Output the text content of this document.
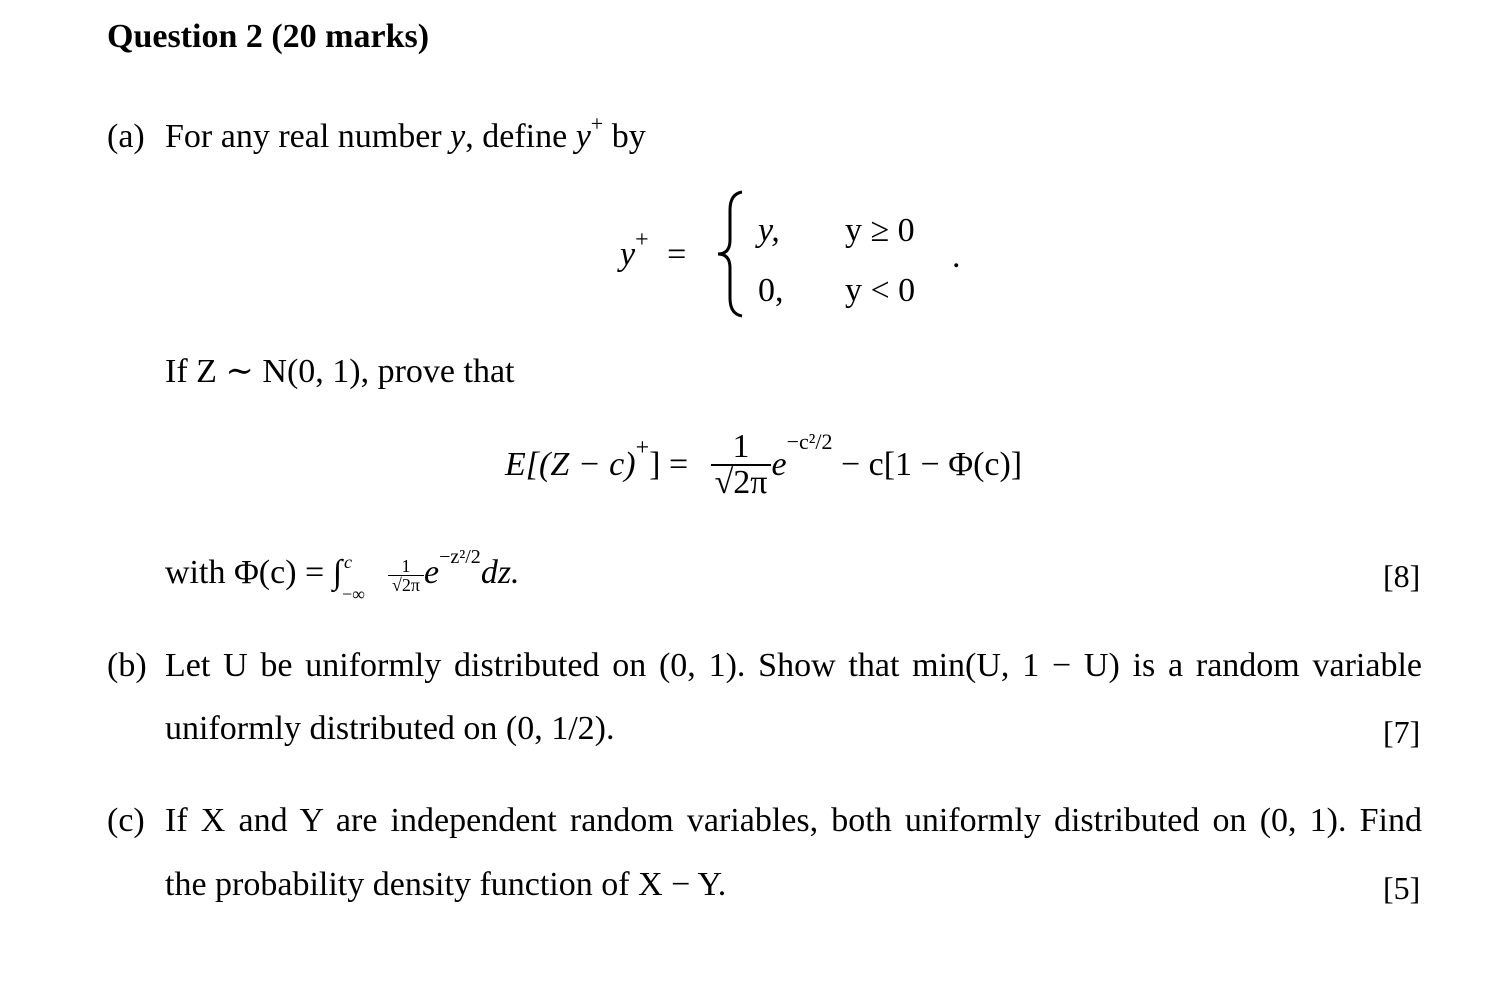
Question 2 (20 marks)
(a) For any real number y, define y+ by
y+ =
y, y ≥ 0
0, y < 0
.
If Z ∼ N(0, 1), prove that
$E[(Z - c)^+] = \frac{1}{√2\pi} e^{-c^2/2} - c[1 - \Phi(c)]$
with Φ(c) = ∫ c
−∞
$\frac{1}{√2\pi} e^{-z^2/2}dz$.	[8]
(b) Let U be uniformly distributed on (0, 1). Show that min(U, 1 − U) is a random variable
uniformly distributed on (0, 1/2).	[7]
(c) If X and Y are independent random variables, both uniformly distributed on (0, 1). Find
the probability density function of X − Y.	[5]
